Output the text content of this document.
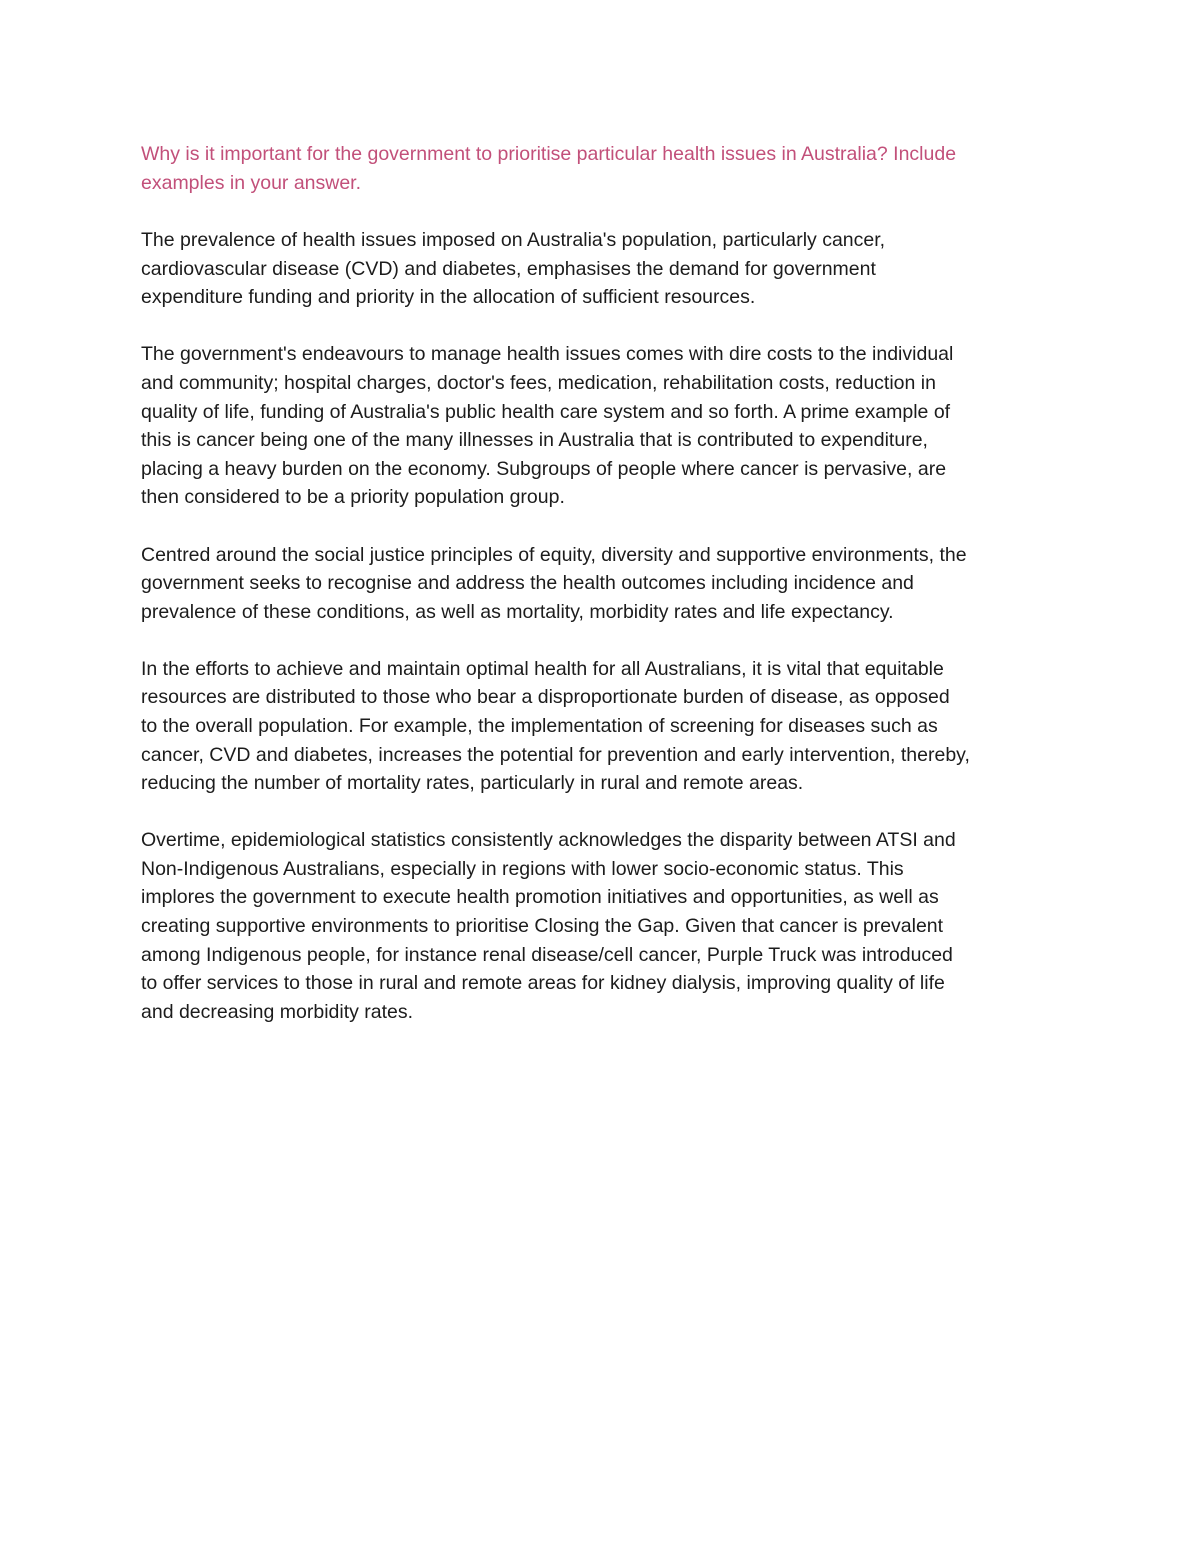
Why is it important for the government to prioritise particular health issues in Australia? Include
examples in your answer.
The prevalence of health issues imposed on Australia's population, particularly cancer,
cardiovascular disease (CVD) and diabetes, emphasises the demand for government
expenditure funding and priority in the allocation of sufficient resources.
The government's endeavours to manage health issues comes with dire costs to the individual
and community; hospital charges, doctor's fees, medication, rehabilitation costs, reduction in
quality of life, funding of Australia's public health care system and so forth. A prime example of
this is cancer being one of the many illnesses in Australia that is contributed to expenditure,
placing a heavy burden on the economy. Subgroups of people where cancer is pervasive, are
then considered to be a priority population group.
Centred around the social justice principles of equity, diversity and supportive environments, the
government seeks to recognise and address the health outcomes including incidence and
prevalence of these conditions, as well as mortality, morbidity rates and life expectancy.
In the efforts to achieve and maintain optimal health for all Australians, it is vital that equitable
resources are distributed to those who bear a disproportionate burden of disease, as opposed
to the overall population. For example, the implementation of screening for diseases such as
cancer, CVD and diabetes, increases the potential for prevention and early intervention, thereby,
reducing the number of mortality rates, particularly in rural and remote areas.
Overtime, epidemiological statistics consistently acknowledges the disparity between ATSI and
Non-Indigenous Australians, especially in regions with lower socio-economic status. This
implores the government to execute health promotion initiatives and opportunities, as well as
creating supportive environments to prioritise Closing the Gap. Given that cancer is prevalent
among Indigenous people, for instance renal disease/cell cancer, Purple Truck was introduced
to offer services to those in rural and remote areas for kidney dialysis, improving quality of life
and decreasing morbidity rates.
